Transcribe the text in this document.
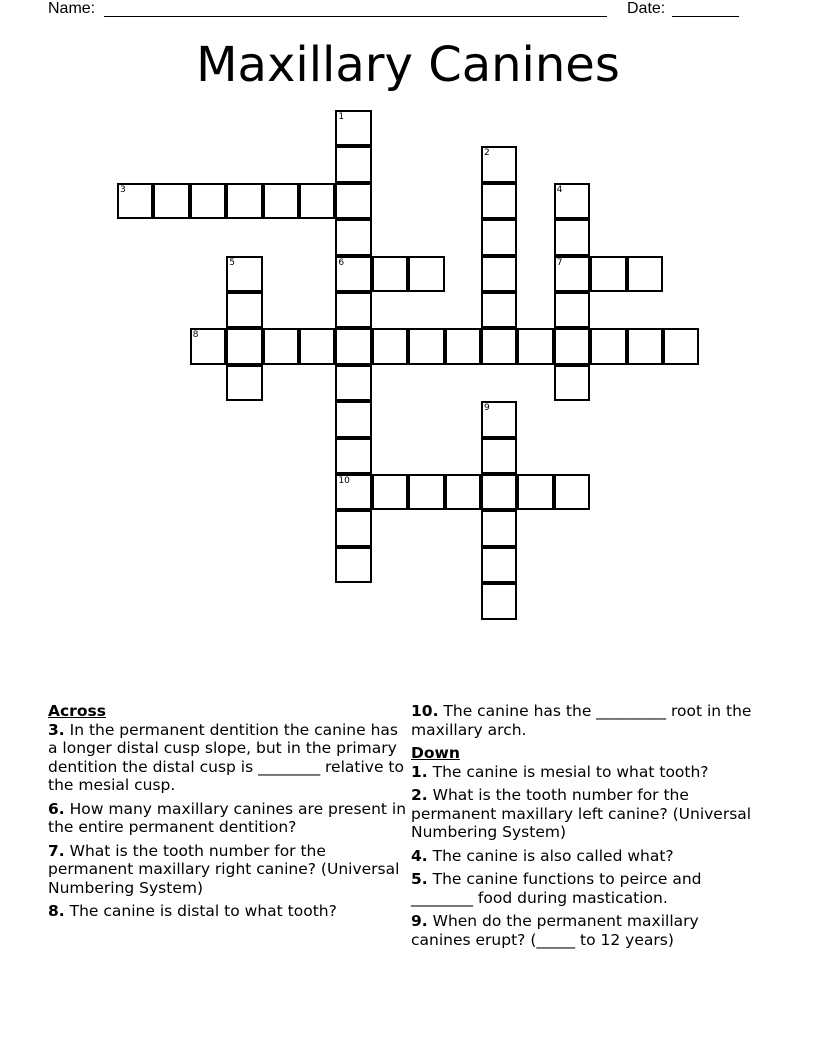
Name:	Date:
Maxillary Canines
3
1
6
10
2
4
7
5
8
9

Across

3. In the permanent dentition the canine has a longer distal cusp slope, but in the primary dentition the distal cusp is ________ relative to the mesial cusp.

6. How many maxillary canines are present in the entire permanent dentition?

7. What is the tooth number for the permanent maxillary right canine? (Universal Numbering System)

8. The canine is distal to what tooth?

10. The canine has the _________ root in the maxillary arch.

Down

1. The canine is mesial to what tooth?

2. What is the tooth number for the permanent maxillary left canine? (Universal Numbering System)

4. The canine is also called what?

5. The canine functions to peirce and ________ food during mastication.

9. When do the permanent maxillary canines erupt? (_____ to 12 years)
